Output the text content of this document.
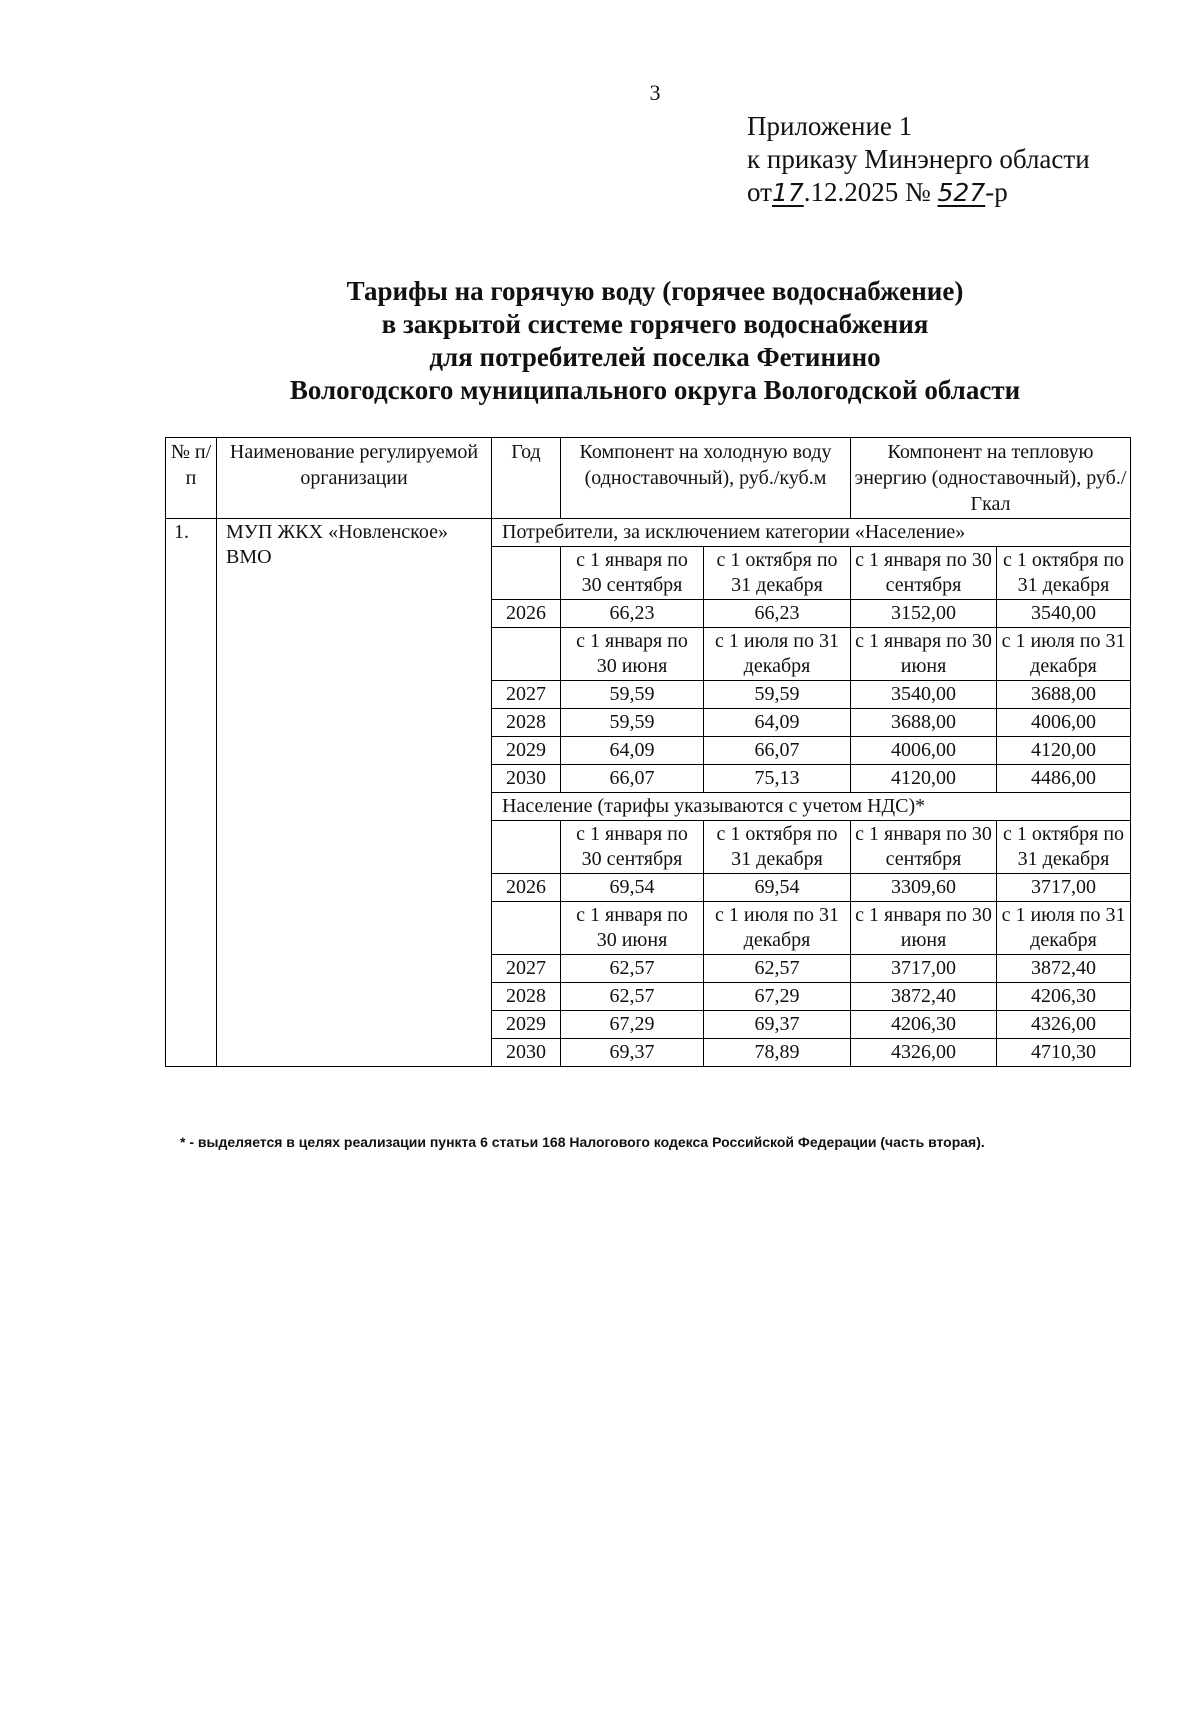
3
Приложение 1
к приказу Минэнерго области
от17.12.2025 № 527-р
Тарифы на горячую воду (горячее водоснабжение)
в закрытой системе горячего водоснабжения
для потребителей поселка Фетинино
Вологодского муниципального округа Вологодской области
№ п/п	Наименование регулируемой организации	Год	Компонент на холодную воду (одноставочный), руб./куб.м		Компонент на тепловую энергию (одноставочный), руб./Гкал	
1.	МУП ЖКХ «Новленское» ВМО	Потребители, за исключением категории «Население»				
			с 1 января по 30 сентября	с 1 октября по 31 декабря	с 1 января по 30 сентября	с 1 октября по 31 декабря
		2026	66,23	66,23	3152,00	3540,00
			с 1 января по 30 июня	с 1 июля по 31 декабря	с 1 января по 30 июня	с 1 июля по 31 декабря
		2027	59,59	59,59	3540,00	3688,00
		2028	59,59	64,09	3688,00	4006,00
		2029	64,09	66,07	4006,00	4120,00
		2030	66,07	75,13	4120,00	4486,00
		Население (тарифы указываются с учетом НДС)*				
			с 1 января по 30 сентября	с 1 октября по 31 декабря	с 1 января по 30 сентября	с 1 октября по 31 декабря
		2026	69,54	69,54	3309,60	3717,00
			с 1 января по 30 июня	с 1 июля по 31 декабря	с 1 января по 30 июня	с 1 июля по 31 декабря
		2027	62,57	62,57	3717,00	3872,40
		2028	62,57	67,29	3872,40	4206,30
		2029	67,29	69,37	4206,30	4326,00
		2030	69,37	78,89	4326,00	4710,30
* - выделяется в целях реализации пункта 6 статьи 168 Налогового кодекса Российской Федерации (часть вторая).
